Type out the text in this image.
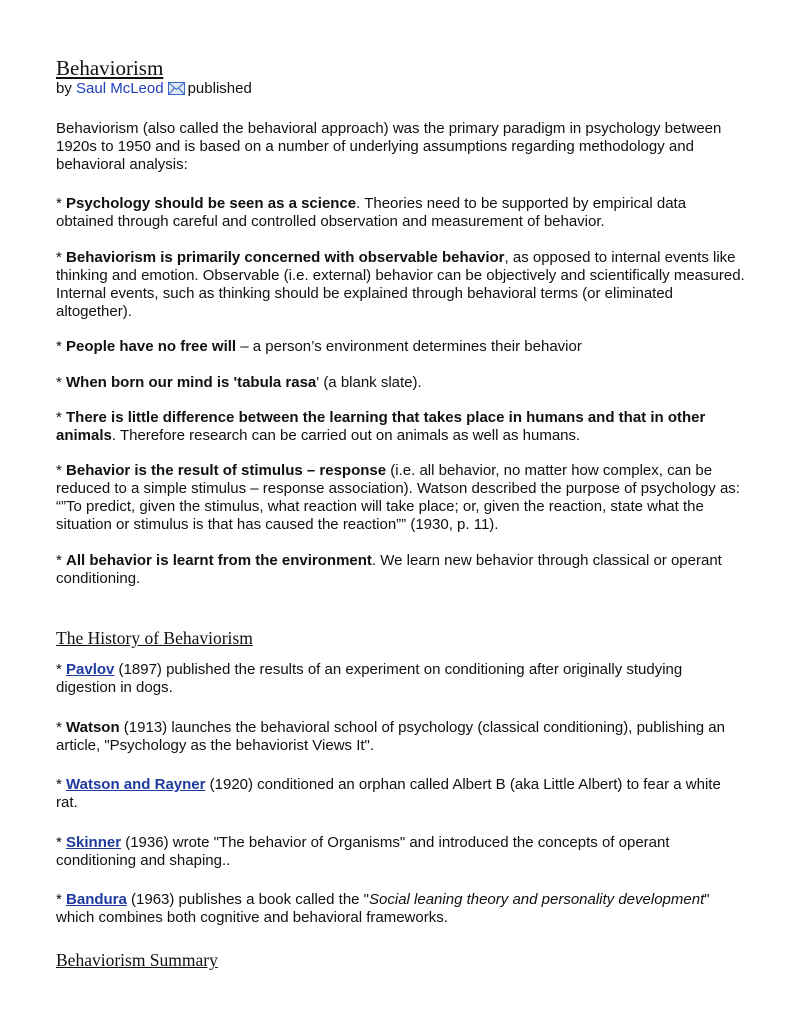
Behaviorism
by Saul McLeod published

Behaviorism (also called the behavioral approach) was the primary paradigm in psychology between 1920s to 1950 and is based on a number of underlying assumptions regarding methodology and behavioral analysis:

* Psychology should be seen as a science. Theories need to be supported by empirical data obtained through careful and controlled observation and measurement of behavior.

* Behaviorism is primarily concerned with observable behavior, as opposed to internal events like thinking and emotion. Observable (i.e. external) behavior can be objectively and scientifically measured. Internal events, such as thinking should be explained through behavioral terms (or eliminated altogether).

* People have no free will – a person’s environment determines their behavior

* When born our mind is 'tabula rasa' (a blank slate).

* There is little difference between the learning that takes place in humans and that in other animals. Therefore research can be carried out on animals as well as humans.

* Behavior is the result of stimulus – response (i.e. all behavior, no matter how complex, can be reduced to a simple stimulus – response association). Watson described the purpose of psychology as: “”To predict, given the stimulus, what reaction will take place; or, given the reaction, state what the situation or stimulus is that has caused the reaction”” (1930, p. 11).

* All behavior is learnt from the environment. We learn new behavior through classical or operant conditioning.

The History of Behaviorism

* Pavlov (1897) published the results of an experiment on conditioning after originally studying digestion in dogs.

* Watson (1913) launches the behavioral school of psychology (classical conditioning), publishing an article, "Psychology as the behaviorist Views It".

* Watson and Rayner (1920) conditioned an orphan called Albert B (aka Little Albert) to fear a white rat.

* Skinner (1936) wrote "The behavior of Organisms" and introduced the concepts of operant conditioning and shaping..

* Bandura (1963) publishes a book called the "Social leaning theory and personality development" which combines both cognitive and behavioral frameworks.

Behaviorism Summary
